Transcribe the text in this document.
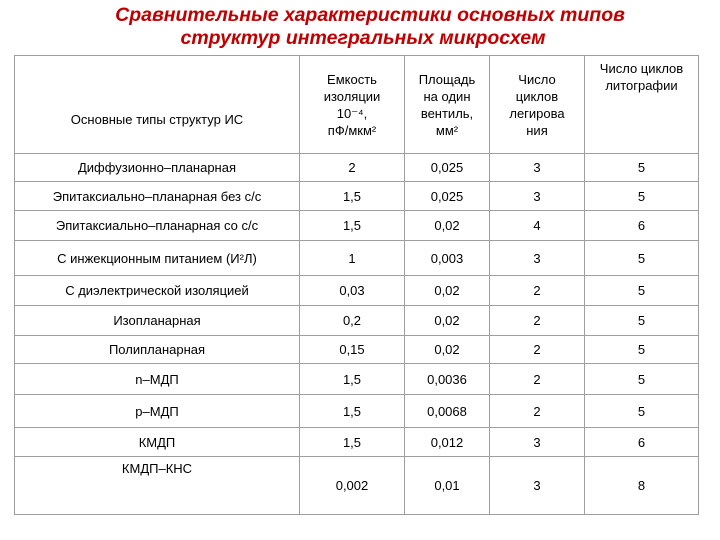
Сравнительные характеристики основных типов
структур интегральных микросхем
Основные типы структур ИС	Емкость
изоляции
10⁻⁴,
пФ/мкм²	Площадь
на один
вентиль,
мм²	Число
циклов
легирова
ния	Число циклов
литографии
Диффузионно–планарная	2	0,025	3	5
Эпитаксиально–планарная без с/с	1,5	0,025	3	5
Эпитаксиально–планарная со с/с	1,5	0,02	4	6
С инжекционным питанием (И²Л)	1	0,003	3	5
С диэлектрической изоляцией	0,03	0,02	2	5
Изопланарная	0,2	0,02	2	5
Полипланарная	0,15	0,02	2	5
n–МДП	1,5	0,0036	2	5
p–МДП	1,5	0,0068	2	5
КМДП	1,5	0,012	3	6
КМДП–КНС	0,002	0,01	3	8
